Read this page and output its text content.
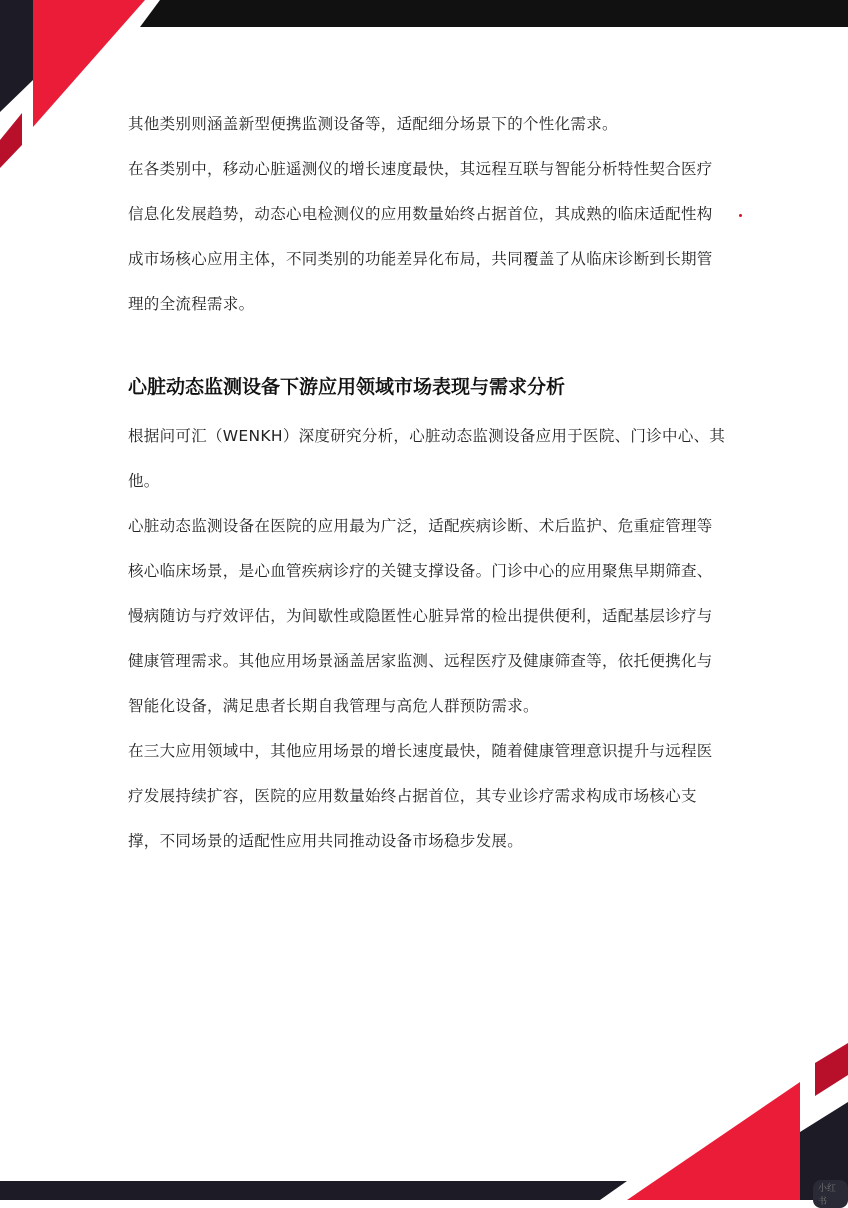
其他类别则涵盖新型便携监测设备等，适配细分场景下的个性化需求。

在各类别中，移动心脏遥测仪的增长速度最快，其远程互联与智能分析特性契合医疗信息化发展趋势，动态心电检测仪的应用数量始终占据首位，其成熟的临床适配性构成市场核心应用主体，不同类别的功能差异化布局，共同覆盖了从临床诊断到长期管理的全流程需求。

心脏动态监测设备下游应用领域市场表现与需求分析

根据问可汇（WENKH）深度研究分析，心脏动态监测设备应用于医院、门诊中心、其他。

心脏动态监测设备在医院的应用最为广泛，适配疾病诊断、术后监护、危重症管理等核心临床场景，是心血管疾病诊疗的关键支撑设备。门诊中心的应用聚焦早期筛查、慢病随访与疗效评估，为间歇性或隐匿性心脏异常的检出提供便利，适配基层诊疗与健康管理需求。其他应用场景涵盖居家监测、远程医疗及健康筛查等，依托便携化与智能化设备，满足患者长期自我管理与高危人群预防需求。

在三大应用领域中，其他应用场景的增长速度最快，随着健康管理意识提升与远程医疗发展持续扩容，医院的应用数量始终占据首位，其专业诊疗需求构成市场核心支撑，不同场景的适配性应用共同推动设备市场稳步发展。

小红书
